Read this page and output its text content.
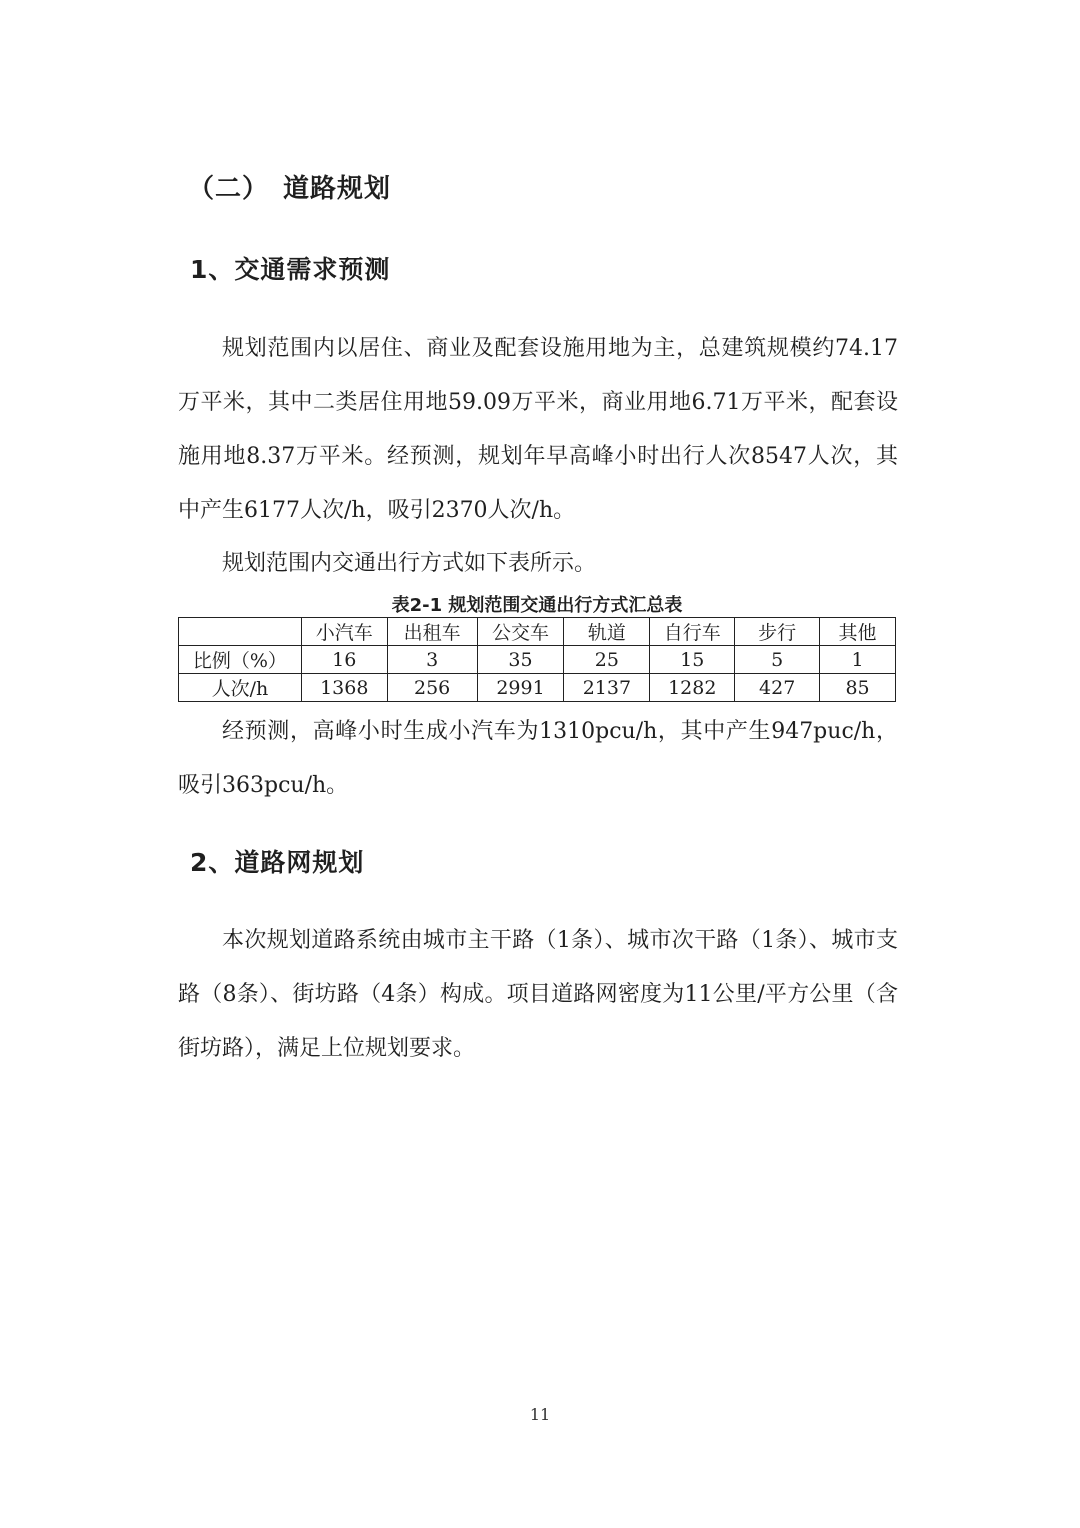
（二）　道路规划
1、交通需求预测

规划范围内以居住、商业及配套设施用地为主，总建筑规模约74.17万平米，其中二类居住用地59.09万平米，商业用地6.71万平米，配套设施用地8.37万平米。经预测，规划年早高峰小时出行人次8547人次，其中产生6177人次/h，吸引2370人次/h。

规划范围内交通出行方式如下表所示。

表2-1 规划范围交通出行方式汇总表
	小汽车	出租车	公交车	轨道	自行车	步行	其他
比例（%）	16	3	35	25	15	5	1
人次/h	1368	256	2991	2137	1282	427	85

经预测，高峰小时生成小汽车为1310pcu/h，其中产生947puc/h，吸引363pcu/h。

2、道路网规划

本次规划道路系统由城市主干路（1条）、城市次干路（1条）、城市支路（8条）、街坊路（4条）构成。项目道路网密度为11公里/平方公里（含街坊路），满足上位规划要求。

11
